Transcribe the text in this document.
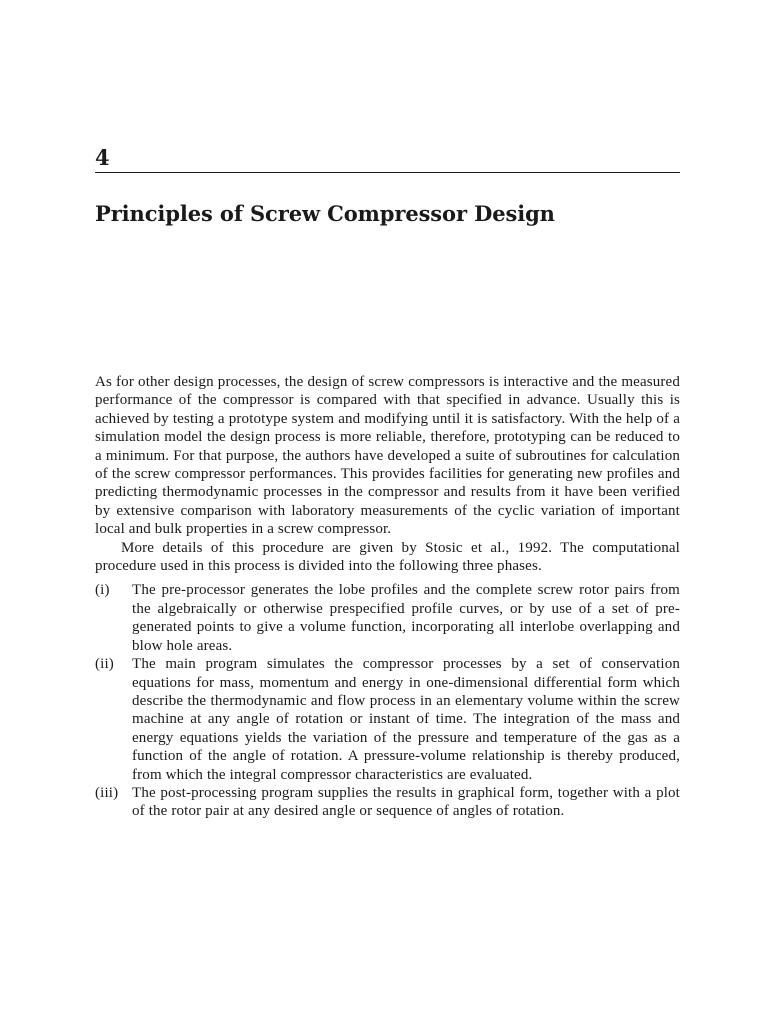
4
Principles of Screw Compressor Design

As for other design processes, the design of screw compressors is interactive and the measured performance of the compressor is compared with that specified in advance. Usually this is achieved by testing a prototype system and modifying until it is satisfactory. With the help of a simulation model the design process is more reliable, therefore, prototyping can be reduced to a minimum. For that purpose, the authors have developed a suite of subroutines for calculation of the screw compressor performances. This provides facilities for generating new profiles and predicting thermodynamic processes in the compressor and results from it have been verified by extensive comparison with laboratory measurements of the cyclic variation of important local and bulk properties in a screw compressor.

More details of this procedure are given by Stosic et al., 1992. The computational procedure used in this process is divided into the following three phases.

(i) The pre-processor generates the lobe profiles and the complete screw rotor pairs from the algebraically or otherwise prespecified profile curves, or by use of a set of pre-generated points to give a volume function, incorporating all interlobe overlapping and blow hole areas.
(ii) The main program simulates the compressor processes by a set of conservation equations for mass, momentum and energy in one-dimensional differential form which describe the thermodynamic and flow process in an elementary volume within the screw machine at any angle of rotation or instant of time. The integration of the mass and energy equations yields the variation of the pressure and temperature of the gas as a function of the angle of rotation. A pressure-volume relationship is thereby produced, from which the integral compressor characteristics are evaluated.
(iii) The post-processing program supplies the results in graphical form, together with a plot of the rotor pair at any desired angle or sequence of angles of rotation.
